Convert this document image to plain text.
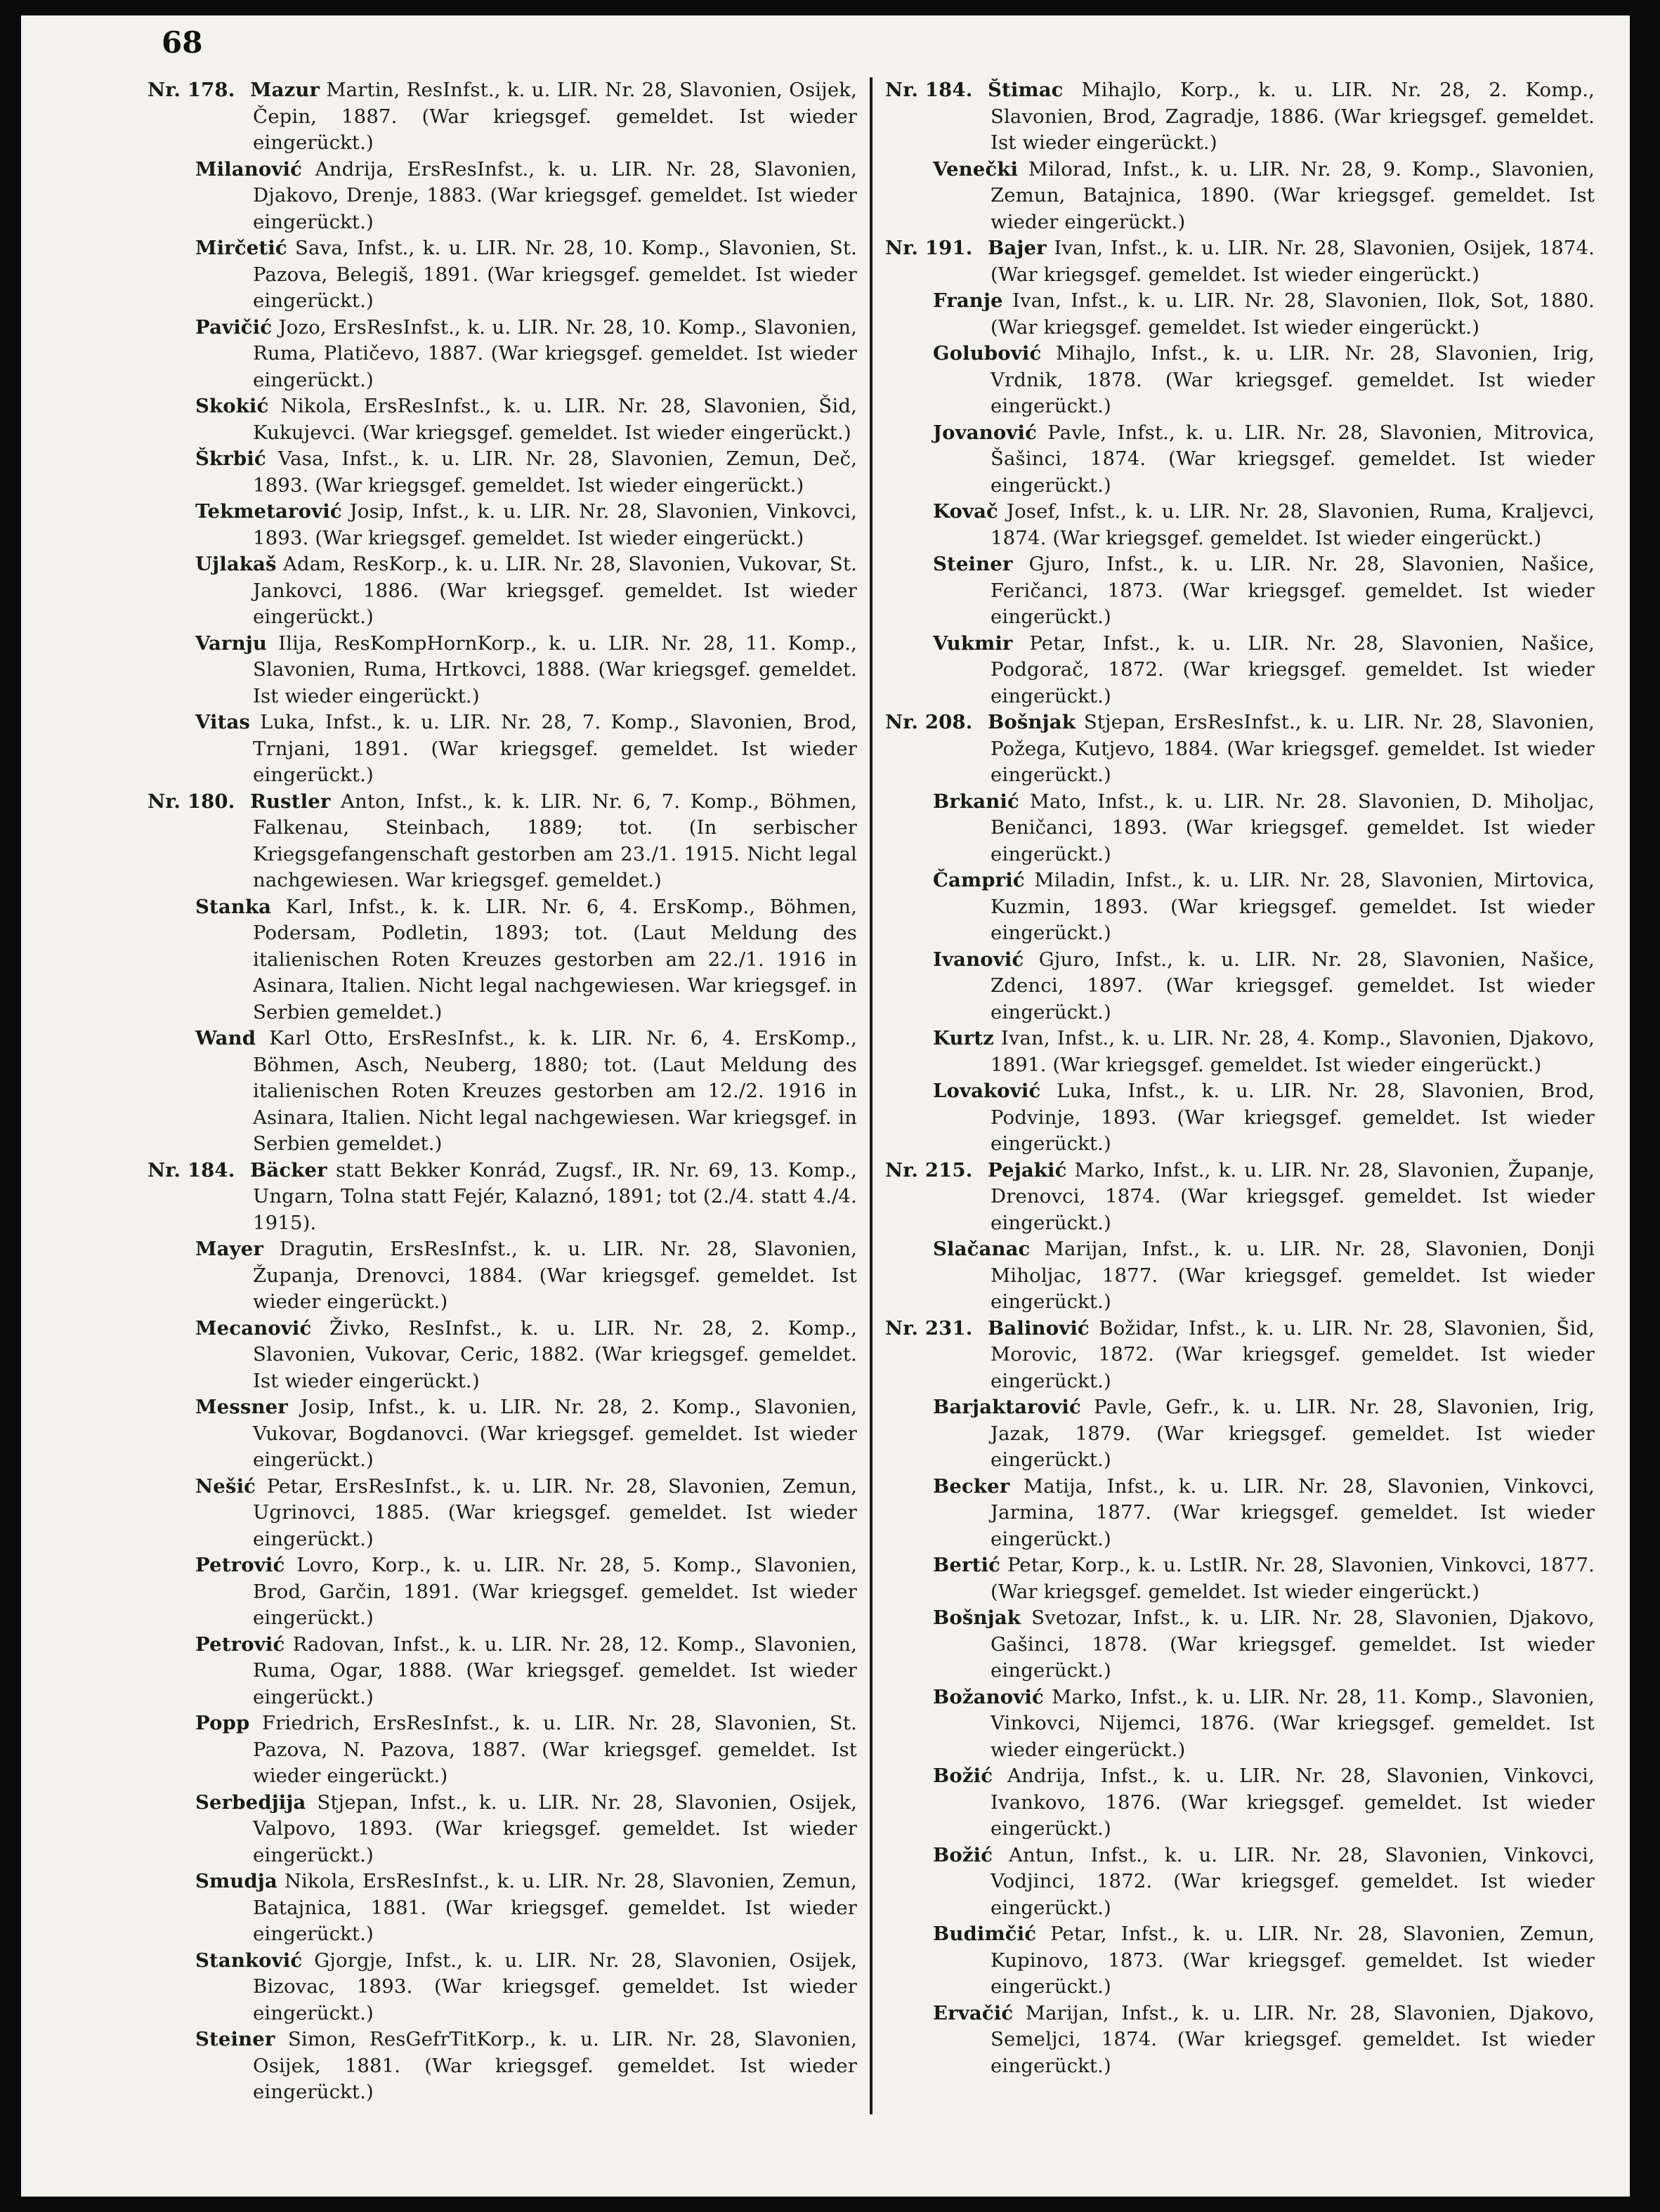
68

Nr. 178. Mazur Martin, ResInfst., k. u. LIR. Nr. 28, Slavonien, Osijek, Čepin, 1887. (War kriegsgef. gemeldet. Ist wieder eingerückt.)

Milanović Andrija, ErsResInfst., k. u. LIR. Nr. 28, Slavonien, Djakovo, Drenje, 1883. (War kriegsgef. gemeldet. Ist wieder eingerückt.)

Mirčetić Sava, Infst., k. u. LIR. Nr. 28, 10. Komp., Slavonien, St. Pazova, Belegiš, 1891. (War kriegsgef. gemeldet. Ist wieder eingerückt.)

Pavičić Jozo, ErsResInfst., k. u. LIR. Nr. 28, 10. Komp., Slavonien, Ruma, Platičevo, 1887. (War kriegsgef. gemeldet. Ist wieder eingerückt.)

Skokić Nikola, ErsResInfst., k. u. LIR. Nr. 28, Slavonien, Šid, Kukujevci. (War kriegsgef. gemeldet. Ist wieder eingerückt.)

Škrbić Vasa, Infst., k. u. LIR. Nr. 28, Slavonien, Zemun, Deč, 1893. (War kriegsgef. gemeldet. Ist wieder eingerückt.)

Tekmetarović Josip, Infst., k. u. LIR. Nr. 28, Slavonien, Vinkovci, 1893. (War kriegsgef. gemeldet. Ist wieder eingerückt.)

Ujlakaš Adam, ResKorp., k. u. LIR. Nr. 28, Slavonien, Vukovar, St. Jankovci, 1886. (War kriegsgef. gemeldet. Ist wieder eingerückt.)

Varnju Ilija, ResKompHornKorp., k. u. LIR. Nr. 28, 11. Komp., Slavonien, Ruma, Hrtkovci, 1888. (War kriegsgef. gemeldet. Ist wieder eingerückt.)

Vitas Luka, Infst., k. u. LIR. Nr. 28, 7. Komp., Slavonien, Brod, Trnjani, 1891. (War kriegsgef. gemeldet. Ist wieder eingerückt.)

Nr. 180. Rustler Anton, Infst., k. k. LIR. Nr. 6, 7. Komp., Böhmen, Falkenau, Steinbach, 1889; tot. (In serbischer Kriegsgefangenschaft gestorben am 23./1. 1915. Nicht legal nachgewiesen. War kriegsgef. gemeldet.)

Stanka Karl, Infst., k. k. LIR. Nr. 6, 4. ErsKomp., Böhmen, Podersam, Podletin, 1893; tot. (Laut Meldung des italienischen Roten Kreuzes gestorben am 22./1. 1916 in Asinara, Italien. Nicht legal nachgewiesen. War kriegsgef. in Serbien gemeldet.)

Wand Karl Otto, ErsResInfst., k. k. LIR. Nr. 6, 4. ErsKomp., Böhmen, Asch, Neuberg, 1880; tot. (Laut Meldung des italienischen Roten Kreuzes gestorben am 12./2. 1916 in Asinara, Italien. Nicht legal nachgewiesen. War kriegsgef. in Serbien gemeldet.)

Nr. 184. Bäcker statt Bekker Konrád, Zugsf., IR. Nr. 69, 13. Komp., Ungarn, Tolna statt Fejér, Kalaznó, 1891; tot (2./4. statt 4./4. 1915).

Mayer Dragutin, ErsResInfst., k. u. LIR. Nr. 28, Slavonien, Županja, Drenovci, 1884. (War kriegsgef. gemeldet. Ist wieder eingerückt.)

Mecanović Živko, ResInfst., k. u. LIR. Nr. 28, 2. Komp., Slavonien, Vukovar, Ceric, 1882. (War kriegsgef. gemeldet. Ist wieder eingerückt.)

Messner Josip, Infst., k. u. LIR. Nr. 28, 2. Komp., Slavonien, Vukovar, Bogdanovci. (War kriegsgef. gemeldet. Ist wieder eingerückt.)

Nešić Petar, ErsResInfst., k. u. LIR. Nr. 28, Slavonien, Zemun, Ugrinovci, 1885. (War kriegsgef. gemeldet. Ist wieder eingerückt.)

Petrović Lovro, Korp., k. u. LIR. Nr. 28, 5. Komp., Slavonien, Brod, Garčin, 1891. (War kriegsgef. gemeldet. Ist wieder eingerückt.)

Petrović Radovan, Infst., k. u. LIR. Nr. 28, 12. Komp., Slavonien, Ruma, Ogar, 1888. (War kriegsgef. gemeldet. Ist wieder eingerückt.)

Popp Friedrich, ErsResInfst., k. u. LIR. Nr. 28, Slavonien, St. Pazova, N. Pazova, 1887. (War kriegsgef. gemeldet. Ist wieder eingerückt.)

Serbedjija Stjepan, Infst., k. u. LIR. Nr. 28, Slavonien, Osijek, Valpovo, 1893. (War kriegsgef. gemeldet. Ist wieder eingerückt.)

Smudja Nikola, ErsResInfst., k. u. LIR. Nr. 28, Slavonien, Zemun, Batajnica, 1881. (War kriegsgef. gemeldet. Ist wieder eingerückt.)

Stanković Gjorgje, Infst., k. u. LIR. Nr. 28, Slavonien, Osijek, Bizovac, 1893. (War kriegsgef. gemeldet. Ist wieder eingerückt.)

Steiner Simon, ResGefrTitKorp., k. u. LIR. Nr. 28, Slavonien, Osijek, 1881. (War kriegsgef. gemeldet. Ist wieder eingerückt.)

Nr. 184. Štimac Mihajlo, Korp., k. u. LIR. Nr. 28, 2. Komp., Slavonien, Brod, Zagradje, 1886. (War kriegsgef. gemeldet. Ist wieder eingerückt.)

Venečki Milorad, Infst., k. u. LIR. Nr. 28, 9. Komp., Slavonien, Zemun, Batajnica, 1890. (War kriegsgef. gemeldet. Ist wieder eingerückt.)

Nr. 191. Bajer Ivan, Infst., k. u. LIR. Nr. 28, Slavonien, Osijek, 1874. (War kriegsgef. gemeldet. Ist wieder eingerückt.)

Franje Ivan, Infst., k. u. LIR. Nr. 28, Slavonien, Ilok, Sot, 1880. (War kriegsgef. gemeldet. Ist wieder eingerückt.)

Golubović Mihajlo, Infst., k. u. LIR. Nr. 28, Slavonien, Irig, Vrdnik, 1878. (War kriegsgef. gemeldet. Ist wieder eingerückt.)

Jovanović Pavle, Infst., k. u. LIR. Nr. 28, Slavonien, Mitrovica, Šašinci, 1874. (War kriegsgef. gemeldet. Ist wieder eingerückt.)

Kovač Josef, Infst., k. u. LIR. Nr. 28, Slavonien, Ruma, Kraljevci, 1874. (War kriegsgef. gemeldet. Ist wieder eingerückt.)

Steiner Gjuro, Infst., k. u. LIR. Nr. 28, Slavonien, Našice, Feričanci, 1873. (War kriegsgef. gemeldet. Ist wieder eingerückt.)

Vukmir Petar, Infst., k. u. LIR. Nr. 28, Slavonien, Našice, Podgorač, 1872. (War kriegsgef. gemeldet. Ist wieder eingerückt.)

Nr. 208. Bošnjak Stjepan, ErsResInfst., k. u. LIR. Nr. 28, Slavonien, Požega, Kutjevo, 1884. (War kriegsgef. gemeldet. Ist wieder eingerückt.)

Brkanić Mato, Infst., k. u. LIR. Nr. 28. Slavonien, D. Miholjac, Beničanci, 1893. (War kriegsgef. gemeldet. Ist wieder eingerückt.)

Čamprić Miladin, Infst., k. u. LIR. Nr. 28, Slavonien, Mirtovica, Kuzmin, 1893. (War kriegsgef. gemeldet. Ist wieder eingerückt.)

Ivanović Gjuro, Infst., k. u. LIR. Nr. 28, Slavonien, Našice, Zdenci, 1897. (War kriegsgef. gemeldet. Ist wieder eingerückt.)

Kurtz Ivan, Infst., k. u. LIR. Nr. 28, 4. Komp., Slavonien, Djakovo, 1891. (War kriegsgef. gemeldet. Ist wieder eingerückt.)

Lovaković Luka, Infst., k. u. LIR. Nr. 28, Slavonien, Brod, Podvinje, 1893. (War kriegsgef. gemeldet. Ist wieder eingerückt.)

Nr. 215. Pejakić Marko, Infst., k. u. LIR. Nr. 28, Slavonien, Županje, Drenovci, 1874. (War kriegsgef. gemeldet. Ist wieder eingerückt.)

Slačanac Marijan, Infst., k. u. LIR. Nr. 28, Slavonien, Donji Miholjac, 1877. (War kriegsgef. gemeldet. Ist wieder eingerückt.)

Nr. 231. Balinović Božidar, Infst., k. u. LIR. Nr. 28, Slavonien, Šid, Morovic, 1872. (War kriegsgef. gemeldet. Ist wieder eingerückt.)

Barjaktarović Pavle, Gefr., k. u. LIR. Nr. 28, Slavonien, Irig, Jazak, 1879. (War kriegsgef. gemeldet. Ist wieder eingerückt.)

Becker Matija, Infst., k. u. LIR. Nr. 28, Slavonien, Vinkovci, Jarmina, 1877. (War kriegsgef. gemeldet. Ist wieder eingerückt.)

Bertić Petar, Korp., k. u. LstIR. Nr. 28, Slavonien, Vinkovci, 1877. (War kriegsgef. gemeldet. Ist wieder eingerückt.)

Bošnjak Svetozar, Infst., k. u. LIR. Nr. 28, Slavonien, Djakovo, Gašinci, 1878. (War kriegsgef. gemeldet. Ist wieder eingerückt.)

Božanović Marko, Infst., k. u. LIR. Nr. 28, 11. Komp., Slavonien, Vinkovci, Nijemci, 1876. (War kriegsgef. gemeldet. Ist wieder eingerückt.)

Božić Andrija, Infst., k. u. LIR. Nr. 28, Slavonien, Vinkovci, Ivankovo, 1876. (War kriegsgef. gemeldet. Ist wieder eingerückt.)

Božić Antun, Infst., k. u. LIR. Nr. 28, Slavonien, Vinkovci, Vodjinci, 1872. (War kriegsgef. gemeldet. Ist wieder eingerückt.)

Budimčić Petar, Infst., k. u. LIR. Nr. 28, Slavonien, Zemun, Kupinovo, 1873. (War kriegsgef. gemeldet. Ist wieder eingerückt.)

Ervačić Marijan, Infst., k. u. LIR. Nr. 28, Slavonien, Djakovo, Semeljci, 1874. (War kriegsgef. gemeldet. Ist wieder eingerückt.)
